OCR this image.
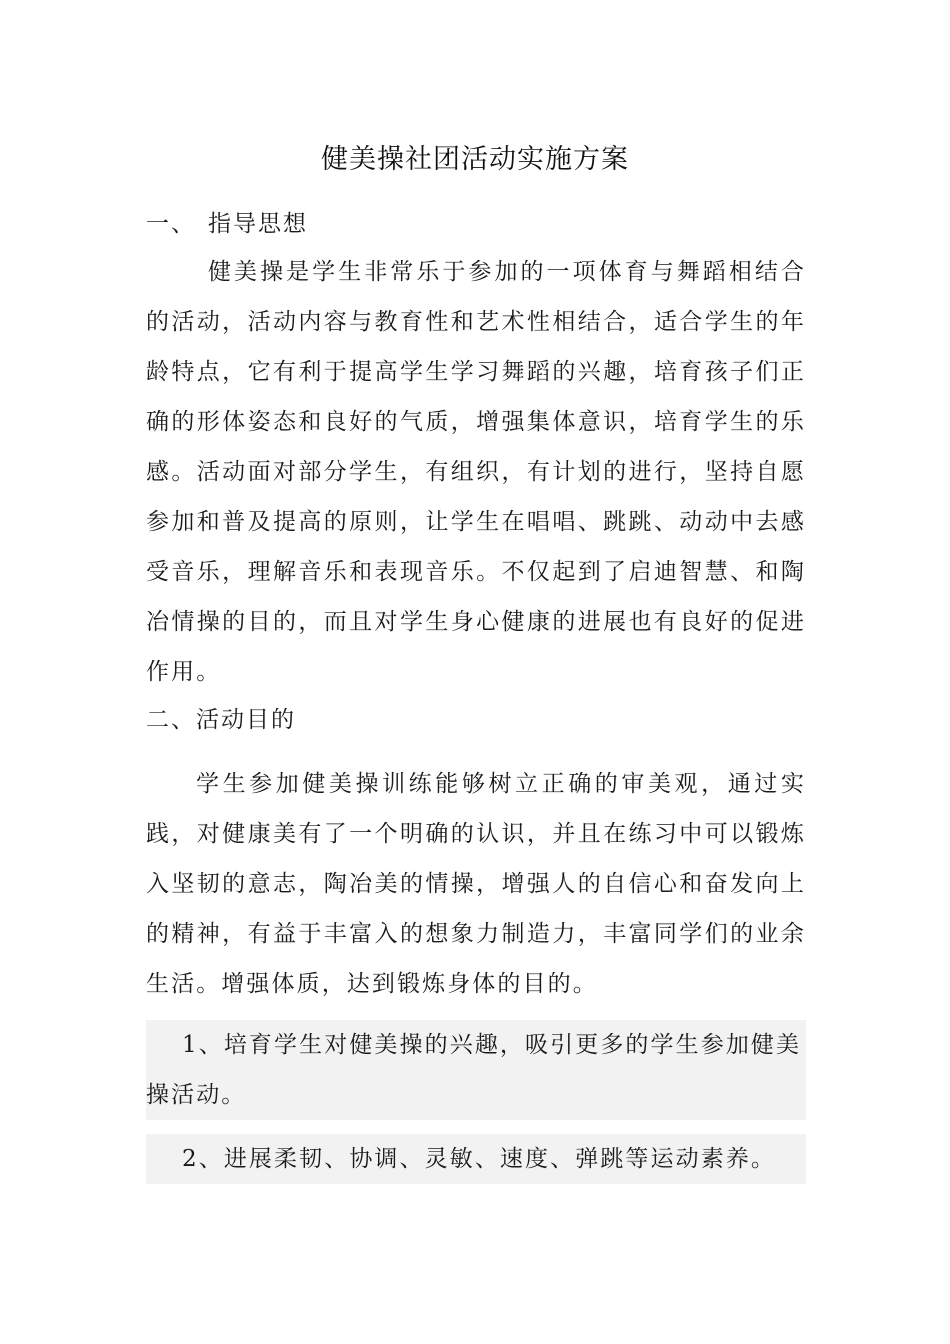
健美操社团活动实施方案
一、 指导思想
健美操是学生非常乐于参加的一项体育与舞蹈相结合的活动，活动内容与教育性和艺术性相结合，适合学生的年龄特点，它有利于提高学生学习舞蹈的兴趣，培育孩子们正确的形体姿态和良好的气质，增强集体意识，培育学生的乐感。活动面对部分学生，有组织，有计划的进行，坚持自愿参加和普及提高的原则，让学生在唱唱、跳跳、动动中去感受音乐，理解音乐和表现音乐。不仅起到了启迪智慧、和陶冶情操的目的，而且对学生身心健康的进展也有良好的促进作用。
二、活动目的
学生参加健美操训练能够树立正确的审美观，通过实践，对健康美有了一个明确的认识，并且在练习中可以锻炼入坚韧的意志，陶冶美的情操，增强人的自信心和奋发向上的精神，有益于丰富入的想象力制造力，丰富同学们的业余生活。增强体质，达到锻炼身体的目的。
1、培育学生对健美操的兴趣，吸引更多的学生参加健美操活动。
2、进展柔韧、协调、灵敏、速度、弹跳等运动素养。
